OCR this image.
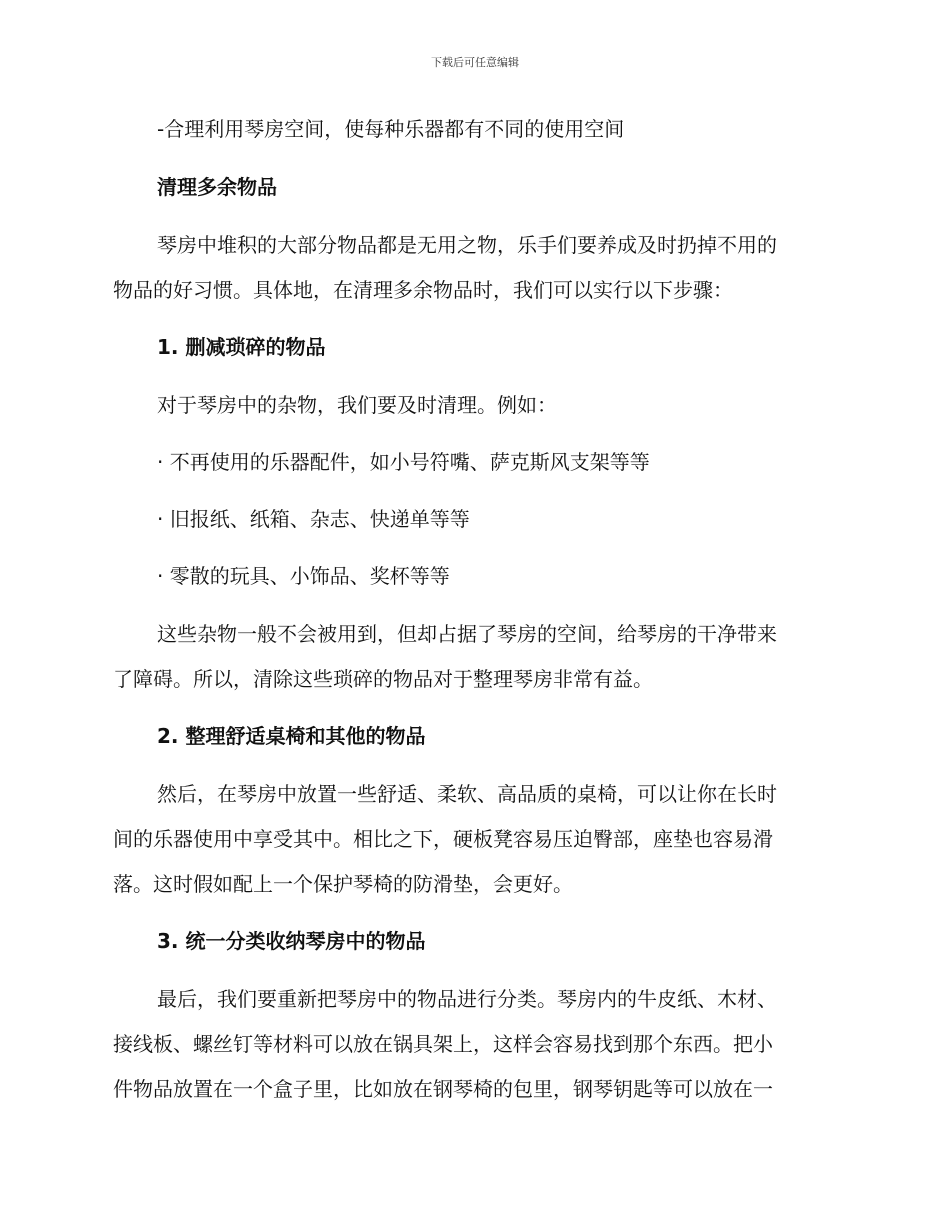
下载后可任意编辑
-合理利用琴房空间，使每种乐器都有不同的使用空间
清理多余物品
琴房中堆积的大部分物品都是无用之物，乐手们要养成及时扔掉不用的
物品的好习惯。具体地，在清理多余物品时，我们可以实行以下步骤：
1. 删减琐碎的物品
对于琴房中的杂物，我们要及时清理。例如：
· 不再使用的乐器配件，如小号符嘴、萨克斯风支架等等
· 旧报纸、纸箱、杂志、快递单等等
· 零散的玩具、小饰品、奖杯等等
这些杂物一般不会被用到，但却占据了琴房的空间，给琴房的干净带来
了障碍。所以，清除这些琐碎的物品对于整理琴房非常有益。
2. 整理舒适桌椅和其他的物品
然后，在琴房中放置一些舒适、柔软、高品质的桌椅，可以让你在长时
间的乐器使用中享受其中。相比之下，硬板凳容易压迫臀部，座垫也容易滑
落。这时假如配上一个保护琴椅的防滑垫，会更好。
3. 统一分类收纳琴房中的物品
最后，我们要重新把琴房中的物品进行分类。琴房内的牛皮纸、木材、
接线板、螺丝钉等材料可以放在锅具架上，这样会容易找到那个东西。把小
件物品放置在一个盒子里，比如放在钢琴椅的包里，钢琴钥匙等可以放在一
